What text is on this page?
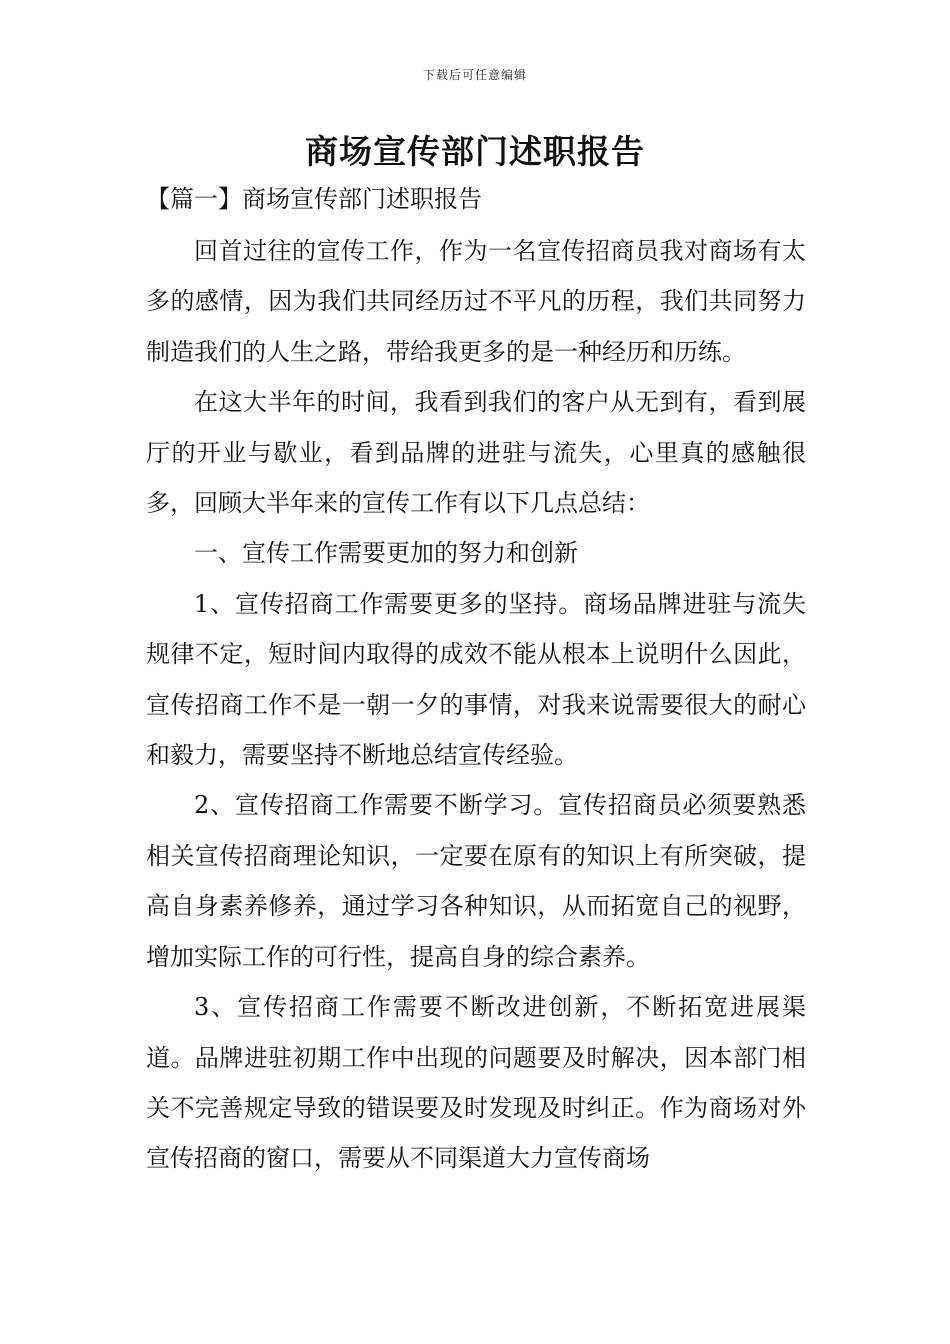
下载后可任意编辑
商场宣传部门述职报告
【篇一】商场宣传部门述职报告

回首过往的宣传工作，作为一名宣传招商员我对商场有太多的感情，因为我们共同经历过不平凡的历程，我们共同努力制造我们的人生之路，带给我更多的是一种经历和历练。

在这大半年的时间，我看到我们的客户从无到有，看到展厅的开业与歇业，看到品牌的进驻与流失，心里真的感触很多，回顾大半年来的宣传工作有以下几点总结：

一、宣传工作需要更加的努力和创新

1、宣传招商工作需要更多的坚持。商场品牌进驻与流失规律不定，短时间内取得的成效不能从根本上说明什么因此，宣传招商工作不是一朝一夕的事情，对我来说需要很大的耐心和毅力，需要坚持不断地总结宣传经验。

2、宣传招商工作需要不断学习。宣传招商员必须要熟悉相关宣传招商理论知识，一定要在原有的知识上有所突破，提高自身素养修养，通过学习各种知识，从而拓宽自己的视野，增加实际工作的可行性，提高自身的综合素养。

3、宣传招商工作需要不断改进创新，不断拓宽进展渠道。品牌进驻初期工作中出现的问题要及时解决，因本部门相关不完善规定导致的错误要及时发现及时纠正。作为商场对外宣传招商的窗口，需要从不同渠道大力宣传商场
